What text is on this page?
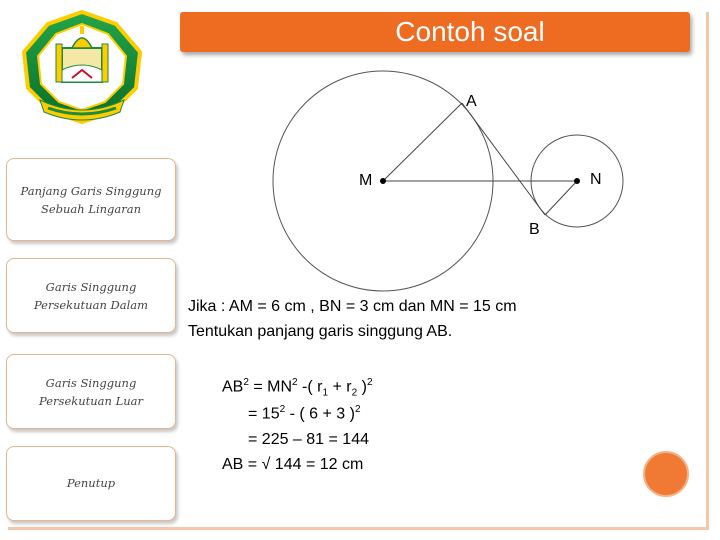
Contoh soal
Panjang Garis Singgung Sebuah Lingaran
Garis Singgung Persekutuan Dalam
Garis Singgung Persekutuan Luar
Penutup
A
M	N
B
Jika : AM = 6 cm , BN = 3 cm dan MN = 15 cm
Tentukan panjang garis singgung AB.
$AB^2 = MN^2$ -( $r_1 + r_2$ )$^2$
= $15^2$ - ( 6 + 3 )$^2$
= 225 – 81 = 144
AB = √ 144 = 12 cm
